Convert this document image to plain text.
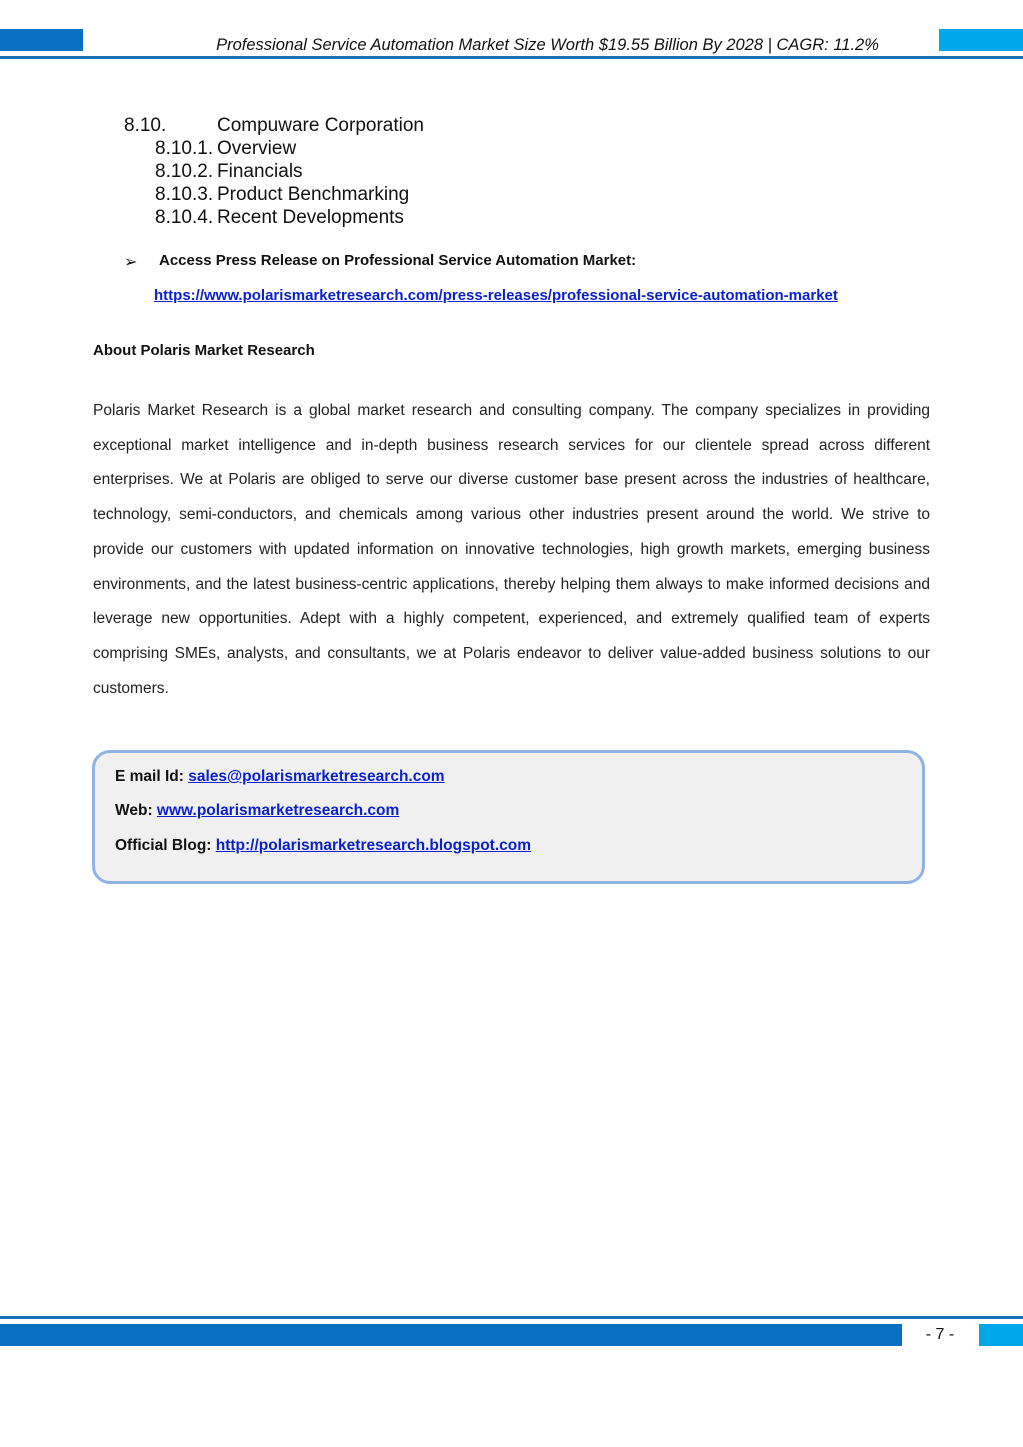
Professional Service Automation Market Size Worth $19.55 Billion By 2028 | CAGR: 11.2%
8.10.	Compuware Corporation
8.10.1. Overview
8.10.2. Financials
8.10.3. Product Benchmarking
8.10.4. Recent Developments
➢ Access Press Release on Professional Service Automation Market:
https://www.polarismarketresearch.com/press-releases/professional-service-automation-market
About Polaris Market Research
Polaris Market Research is a global market research and consulting company. The company specializes in providing exceptional market intelligence and in-depth business research services for our clientele spread across different enterprises. We at Polaris are obliged to serve our diverse customer base present across the industries of healthcare, technology, semi-conductors, and chemicals among various other industries present around the world. We strive to provide our customers with updated information on innovative technologies, high growth markets, emerging business environments, and the latest business-centric applications, thereby helping them always to make informed decisions and leverage new opportunities. Adept with a highly competent, experienced, and extremely qualified team of experts comprising SMEs, analysts, and consultants, we at Polaris endeavor to deliver value-added business solutions to our customers.
E mail Id: sales@polarismarketresearch.com
Web: www.polarismarketresearch.com
Official Blog: http://polarismarketresearch.blogspot.com
- 7 -
